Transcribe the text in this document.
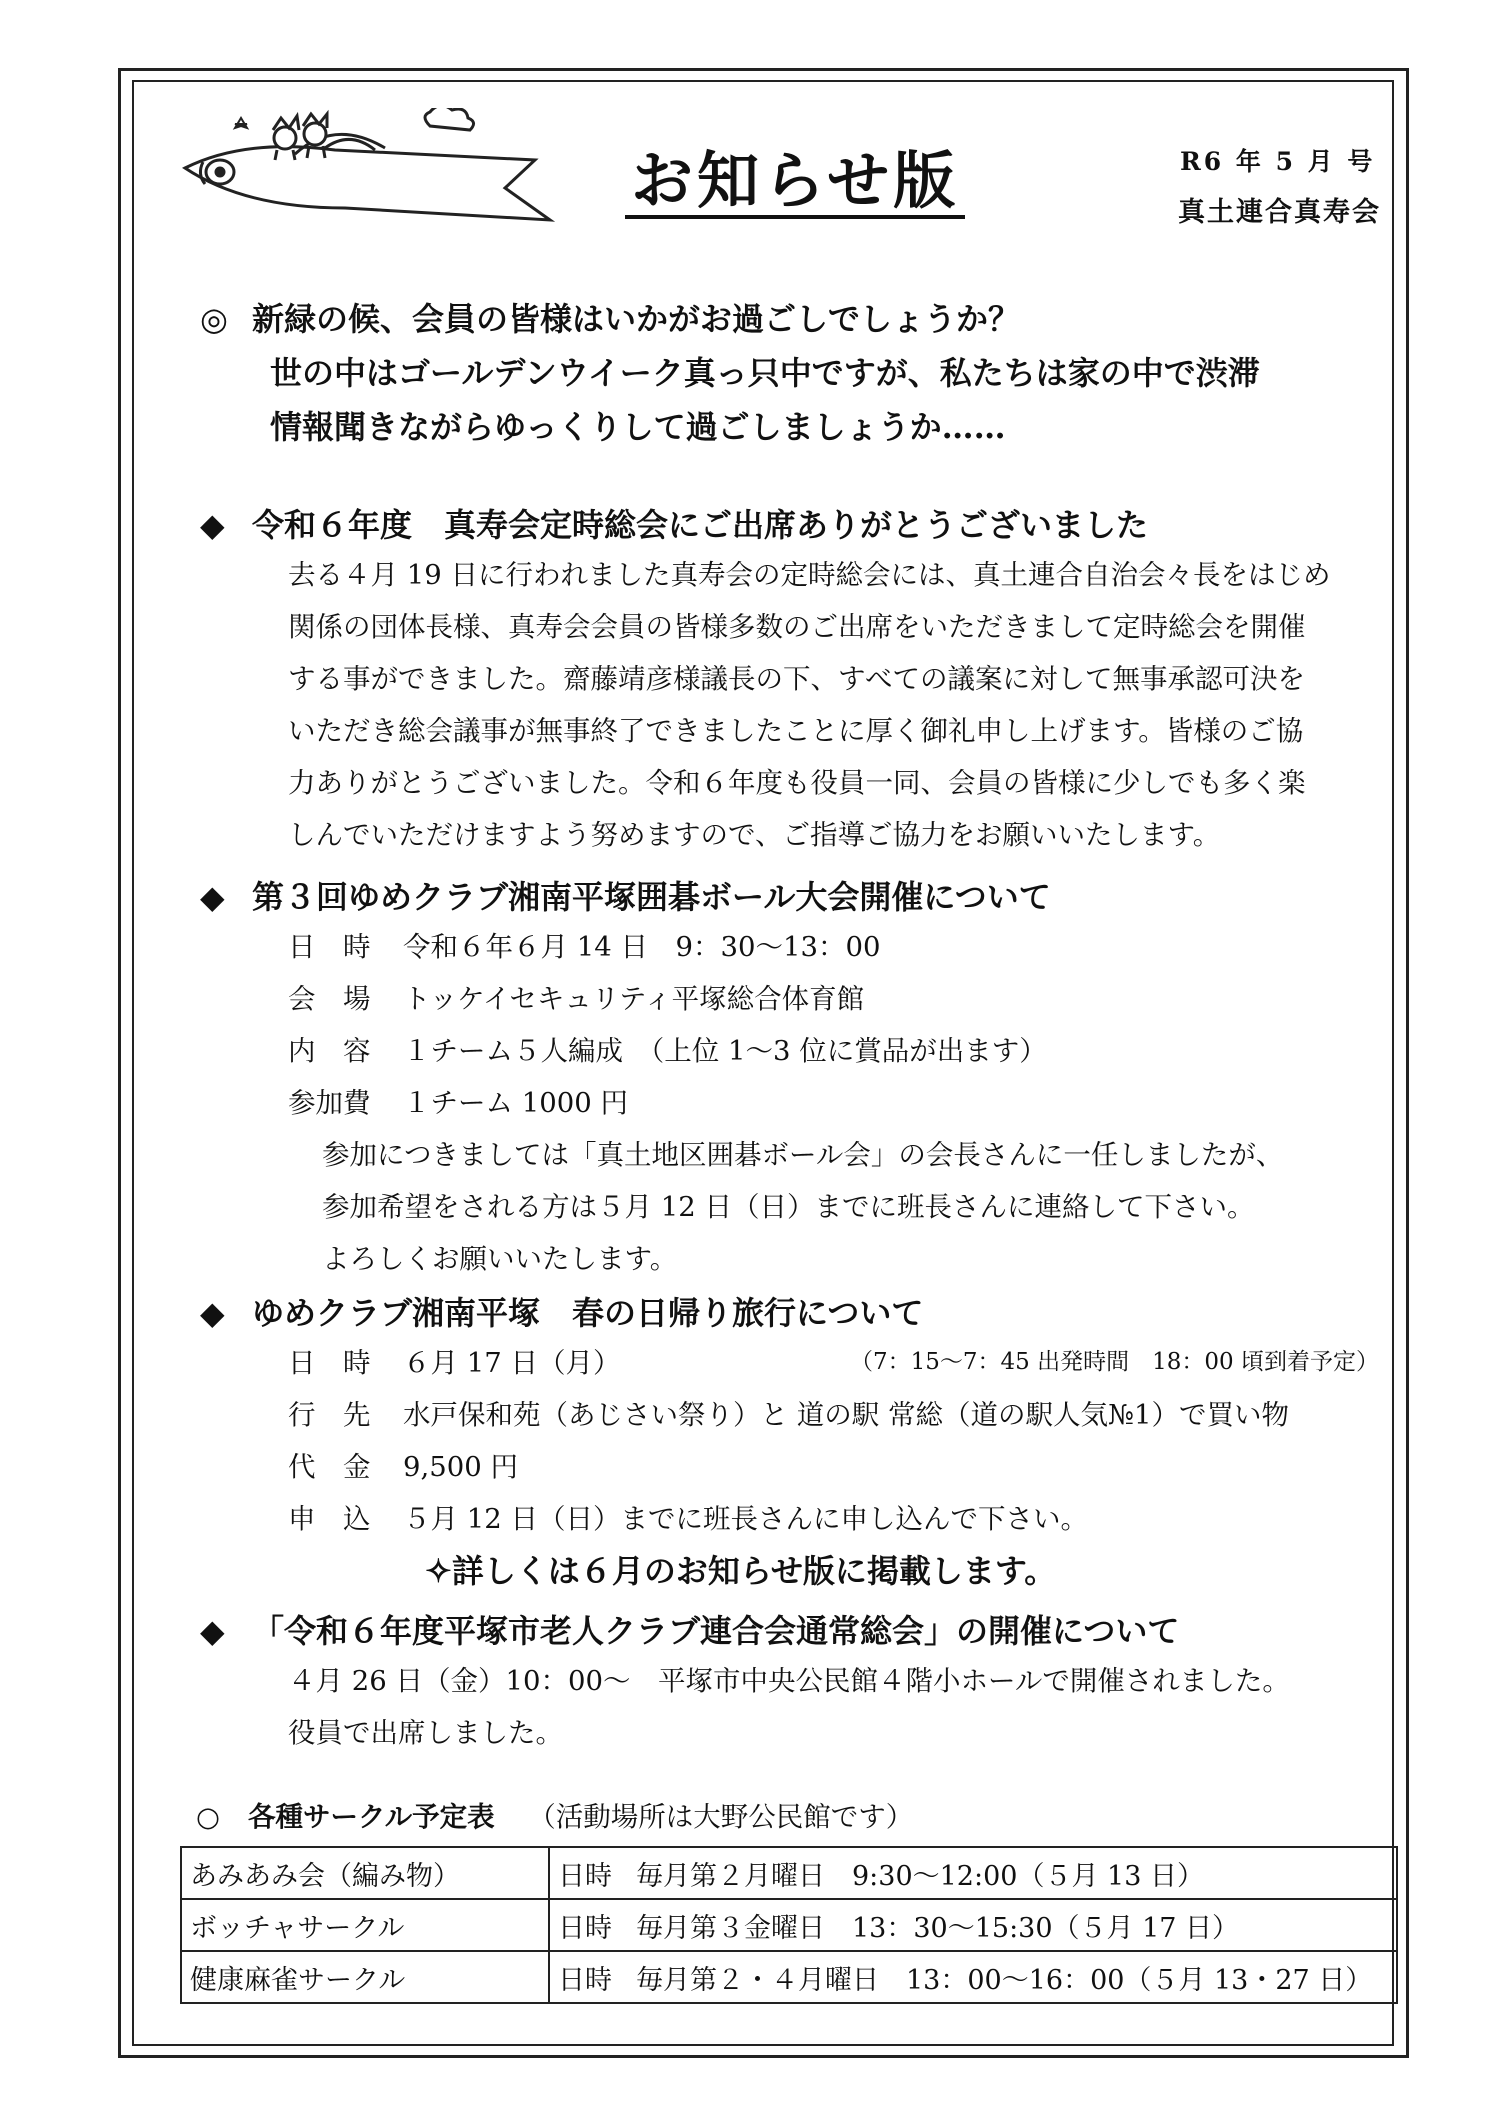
お知らせ版	R6 年 5 月 号
真土連合真寿会
◎ 新緑の候、会員の皆様はいかがお過ごしでしょうか？
世の中はゴールデンウイーク真っ只中ですが、私たちは家の中で渋滞
情報聞きながらゆっくりして過ごしましょうか……
◆ 令和６年度　真寿会定時総会にご出席ありがとうございました
去る４月 19 日に行われました真寿会の定時総会には、真土連合自治会々長をはじめ
関係の団体長様、真寿会会員の皆様多数のご出席をいただきまして定時総会を開催
する事ができました。齋藤靖彦様議長の下、すべての議案に対して無事承認可決を
いただき総会議事が無事終了できましたことに厚く御礼申し上げます。皆様のご協
力ありがとうございました。令和６年度も役員一同、会員の皆様に少しでも多く楽
しんでいただけますよう努めますので、ご指導ご協力をお願いいたします。
◆ 第３回ゆめクラブ湘南平塚囲碁ボール大会開催について
日　時 令和６年６月 14 日　9：30～13：00
会　場 トッケイセキュリティ平塚総合体育館
内　容 １チーム５人編成　（上位 1～3 位に賞品が出ます）
参加費 １チーム 1000 円
参加につきましては「真土地区囲碁ボール会」の会長さんに一任しましたが、
参加希望をされる方は５月 12 日（日）までに班長さんに連絡して下さい。
よろしくお願いいたします。
◆ ゆめクラブ湘南平塚　春の日帰り旅行について
日　時 ６月 17 日（月）	（7：15～7：45 出発時間　18：00 頃到着予定）
行　先 水戸保和苑（あじさい祭り）と 道の駅 常総（道の駅人気№1）で買い物
代　金 9,500 円
申　込 ５月 12 日（日）までに班長さんに申し込んで下さい。
✧詳しくは６月のお知らせ版に掲載します。
◆ 「令和６年度平塚市老人クラブ連合会通常総会」の開催について
４月 26 日（金）10：00～　平塚市中央公民館４階小ホールで開催されました。
役員で出席しました。
○ 各種サークル予定表 （活動場所は大野公民館です）
あみあみ会（編み物）	日時 毎月第２月曜日　9:30～12:00（５月 13 日）
ボッチャサークル	日時 毎月第３金曜日　13：30～15:30（５月 17 日）
健康麻雀サークル	日時 毎月第２・４月曜日　13：00～16：00（５月 13・27 日）
